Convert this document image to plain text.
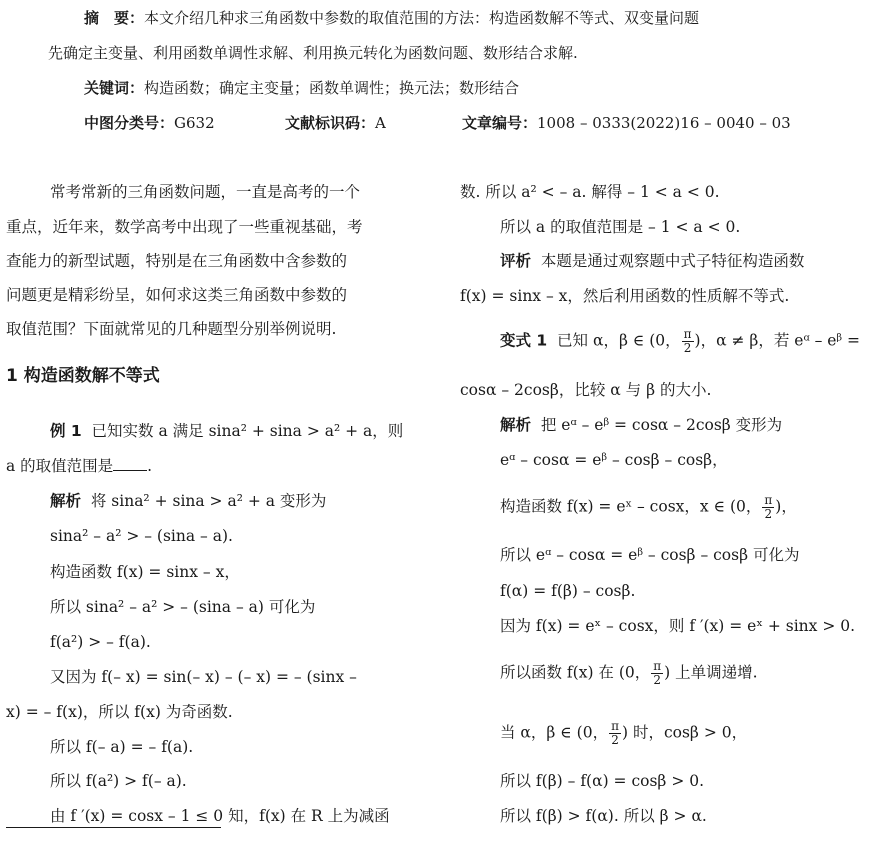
摘　要：本文介绍几种求三角函数中参数的取值范围的方法：构造函数解不等式、双变量问题
先确定主变量、利用函数单调性求解、利用换元转化为函数问题、数形结合求解.
关键词：构造函数；确定主变量；函数单调性；换元法；数形结合
中图分类号：G632	文献标识码：A	文章编号：1008 – 0333(2022)16 – 0040 – 03
常考常新的三角函数问题，一直是高考的一个
重点，近年来，数学高考中出现了一些重视基础，考
查能力的新型试题，特别是在三角函数中含参数的
问题更是精彩纷呈，如何求这类三角函数中参数的
取值范围？下面就常见的几种题型分别举例说明.
1 构造函数解不等式
例 1 已知实数 a 满足 sina² + sina > a² + a，则
a 的取值范围是 .
解析 将 sina² + sina > a² + a 变形为
sina² – a² > – (sina – a).
构造函数 f(x) = sinx – x，
所以 sina² – a² > – (sina – a) 可化为
f(a²) > – f(a).
又因为 f(– x) = sin(– x) – (– x) = – (sinx –
x) = – f(x)，所以 f(x) 为奇函数.
所以 f(– a) = – f(a).
所以 f(a²) > f(– a).
由 f ′(x) = cosx – 1 ≤ 0 知，f(x) 在 R 上为减函
数. 所以 a² < – a. 解得 – 1 < a < 0.
所以 a 的取值范围是 – 1 < a < 0.
评析 本题是通过观察题中式子特征构造函数
f(x) = sinx – x，然后利用函数的性质解不等式.
变式 1 已知 α，β ∈ (0， $\frac{\pi}{2}$ )，α ≠ β，若 eᵅ – eᵝ =
cosα – 2cosβ，比较 α 与 β 的大小.
解析 把 eᵅ – eᵝ = cosα – 2cosβ 变形为
eᵅ – cosα = eᵝ – cosβ – cosβ，
构造函数 f(x) = eˣ – cosx，x ∈ (0， $\frac{\pi}{2}$ )，
所以 eᵅ – cosα = eᵝ – cosβ – cosβ 可化为
f(α) = f(β) – cosβ.
因为 f(x) = eˣ – cosx，则 f ′(x) = eˣ + sinx > 0.
所以函数 f(x) 在 (0， $\frac{\pi}{2}$ ) 上单调递增.
当 α，β ∈ (0， $\frac{\pi}{2}$ ) 时，cosβ > 0，
所以 f(β) – f(α) = cosβ > 0.
所以 f(β) > f(α). 所以 β > α.
